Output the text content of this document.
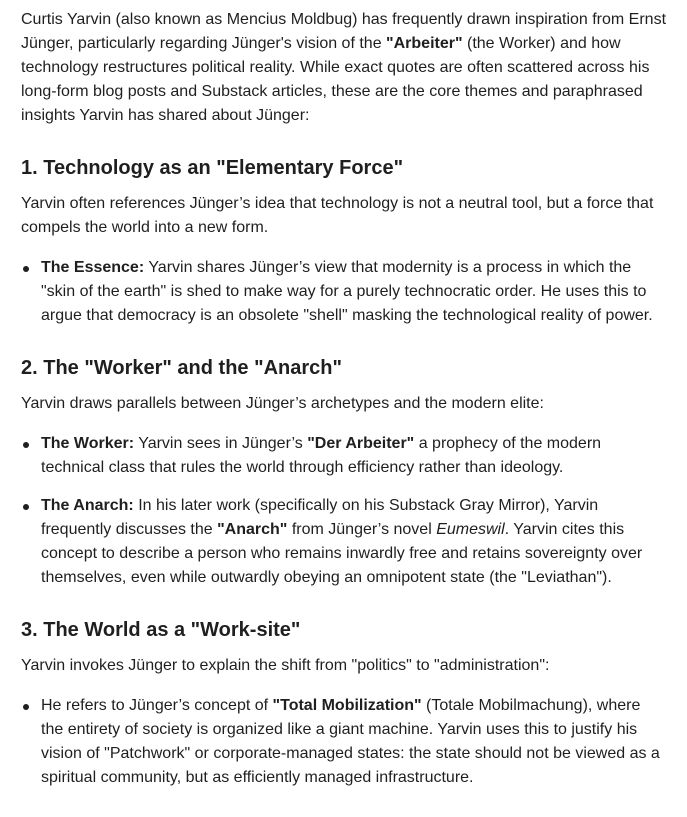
Curtis Yarvin (also known as Mencius Moldbug) has frequently drawn inspiration from Ernst Jünger, particularly regarding Jünger's vision of the "Arbeiter" (the Worker) and how technology restructures political reality. While exact quotes are often scattered across his long-form blog posts and Substack articles, these are the core themes and paraphrased insights Yarvin has shared about Jünger:

1. Technology as an "Elementary Force"

Yarvin often references Jünger’s idea that technology is not a neutral tool, but a force that compels the world into a new form.

The Essence: Yarvin shares Jünger’s view that modernity is a process in which the "skin of the earth" is shed to make way for a purely technocratic order. He uses this to argue that democracy is an obsolete "shell" masking the technological reality of power.
2. The "Worker" and the "Anarch"

Yarvin draws parallels between Jünger’s archetypes and the modern elite:

The Worker: Yarvin sees in Jünger’s "Der Arbeiter" a prophecy of the modern technical class that rules the world through efficiency rather than ideology.
The Anarch: In his later work (specifically on his Substack Gray Mirror), Yarvin frequently discusses the "Anarch" from Jünger’s novel Eumeswil. Yarvin cites this concept to describe a person who remains inwardly free and retains sovereignty over themselves, even while outwardly obeying an omnipotent state (the "Leviathan").
3. The World as a "Work-site"

Yarvin invokes Jünger to explain the shift from "politics" to "administration":

He refers to Jünger’s concept of "Total Mobilization" (Totale Mobilmachung), where the entirety of society is organized like a giant machine. Yarvin uses this to justify his vision of "Patchwork" or corporate-managed states: the state should not be viewed as a spiritual community, but as efficiently managed infrastructure.
